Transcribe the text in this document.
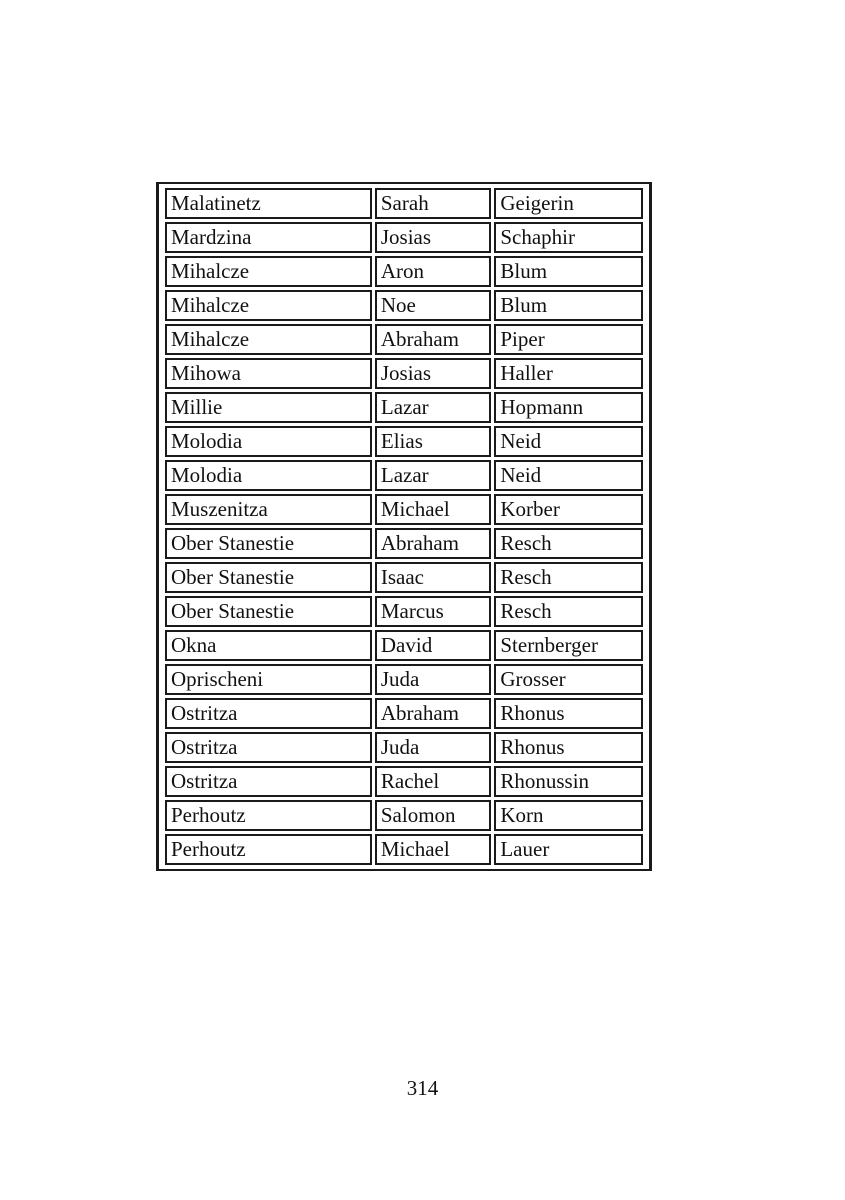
Malatinetz	Sarah	Geigerin
Mardzina	Josias	Schaphir
Mihalcze	Aron	Blum
Mihalcze	Noe	Blum
Mihalcze	Abraham	Piper
Mihowa	Josias	Haller
Millie	Lazar	Hopmann
Molodia	Elias	Neid
Molodia	Lazar	Neid
Muszenitza	Michael	Korber
Ober Stanestie	Abraham	Resch
Ober Stanestie	Isaac	Resch
Ober Stanestie	Marcus	Resch
Okna	David	Sternberger
Oprischeni	Juda	Grosser
Ostritza	Abraham	Rhonus
Ostritza	Juda	Rhonus
Ostritza	Rachel	Rhonussin
Perhoutz	Salomon	Korn
Perhoutz	Michael	Lauer
314
